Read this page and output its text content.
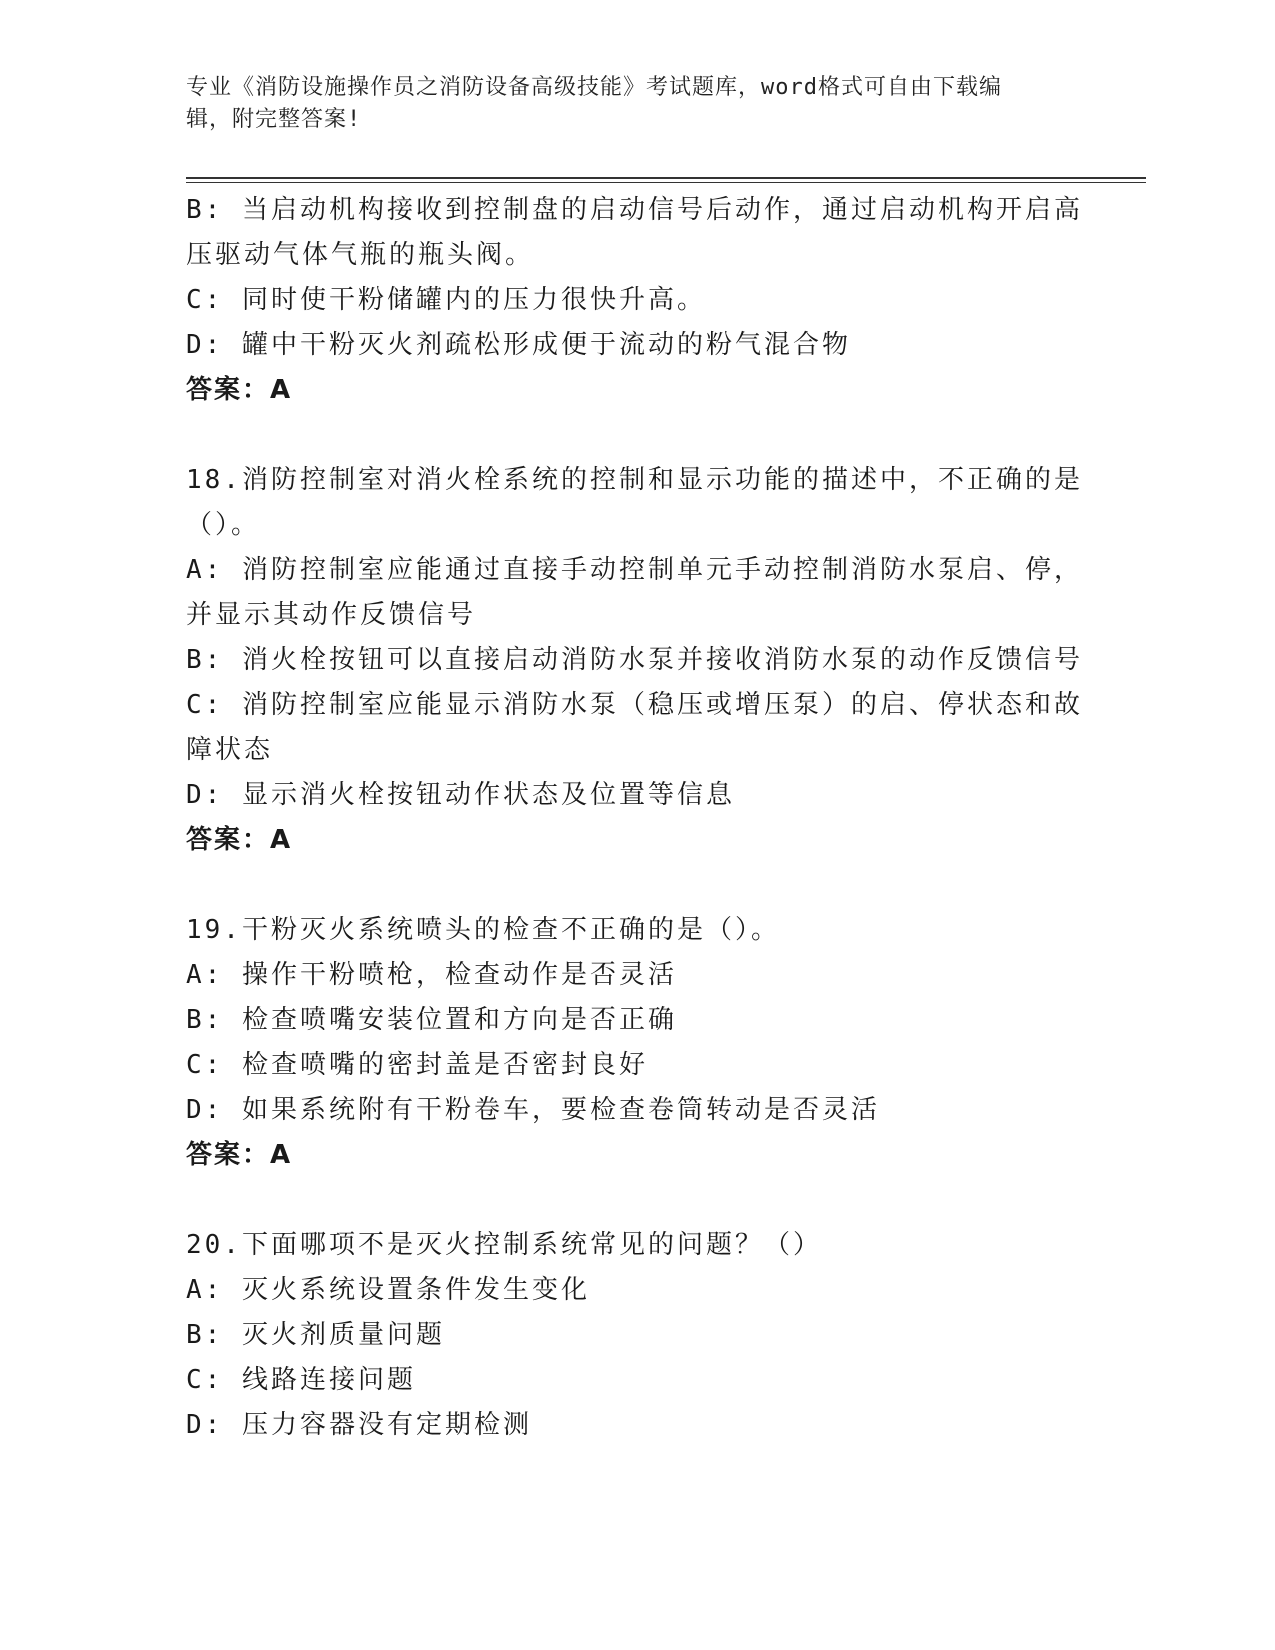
专业《消防设施操作员之消防设备高级技能》考试题库，word格式可自由下载编
辑，附完整答案!
B: 当启动机构接收到控制盘的启动信号后动作，通过启动机构开启高
压驱动气体气瓶的瓶头阀。
C: 同时使干粉储罐内的压力很快升高。
D: 罐中干粉灭火剂疏松形成便于流动的粉气混合物
答案：A
18.消防控制室对消火栓系统的控制和显示功能的描述中，不正确的是
（）。
A: 消防控制室应能通过直接手动控制单元手动控制消防水泵启、停，
并显示其动作反馈信号
B: 消火栓按钮可以直接启动消防水泵并接收消防水泵的动作反馈信号
C: 消防控制室应能显示消防水泵（稳压或增压泵）的启、停状态和故
障状态
D: 显示消火栓按钮动作状态及位置等信息
答案：A
19.干粉灭火系统喷头的检查不正确的是（）。
A: 操作干粉喷枪，检查动作是否灵活
B: 检查喷嘴安装位置和方向是否正确
C: 检查喷嘴的密封盖是否密封良好
D: 如果系统附有干粉卷车，要检查卷筒转动是否灵活
答案：A
20.下面哪项不是灭火控制系统常见的问题？（）
A: 灭火系统设置条件发生变化
B: 灭火剂质量问题
C: 线路连接问题
D: 压力容器没有定期检测
